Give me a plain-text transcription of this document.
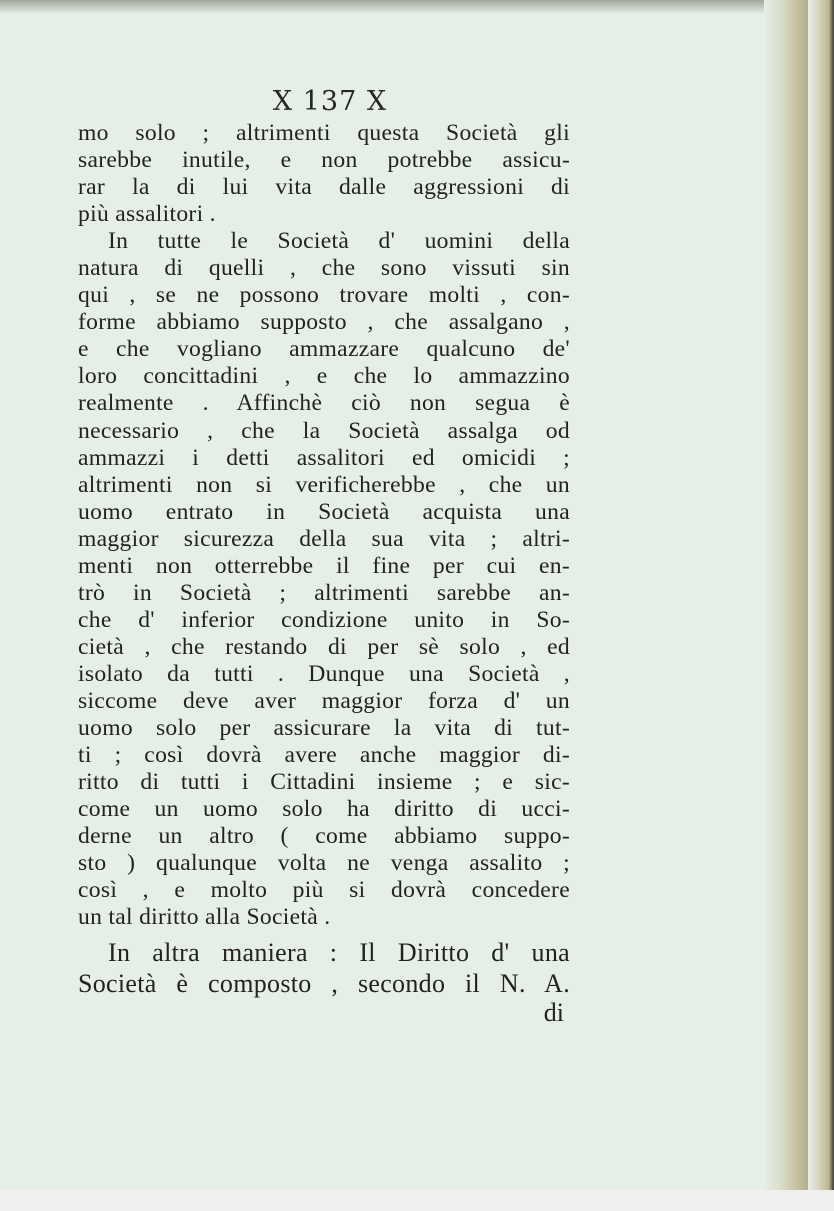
X 137 X
mo solo ; altrimenti questa Società gli
sarebbe inutile, e non potrebbe assicu-
rar la di lui vita dalle aggressioni di
più assalitori .
In tutte le Società d' uomini della
natura di quelli , che sono vissuti sin
qui , se ne possono trovare molti , con-
forme abbiamo supposto , che assalgano ,
e che vogliano ammazzare qualcuno de'
loro concittadini , e che lo ammazzino
realmente . Affinchè ciò non segua è
necessario , che la Società assalga od
ammazzi i detti assalitori ed omicidi ;
altrimenti non si verificherebbe , che un
uomo entrato in Società acquista una
maggior sicurezza della sua vita ; altri-
menti non otterrebbe il fine per cui en-
trò in Società ; altrimenti sarebbe an-
che d' inferior condizione unito in So-
cietà , che restando di per sè solo , ed
isolato da tutti . Dunque una Società ,
siccome deve aver maggior forza d' un
uomo solo per assicurare la vita di tut-
ti ; così dovrà avere anche maggior di-
ritto di tutti i Cittadini insieme ; e sic-
come un uomo solo ha diritto di ucci-
derne un altro ( come abbiamo suppo-
sto ) qualunque volta ne venga assalito ;
così , e molto più si dovrà concedere
un tal diritto alla Società .
In altra maniera : Il Diritto d' una
Società è composto , secondo il N. A.
di
